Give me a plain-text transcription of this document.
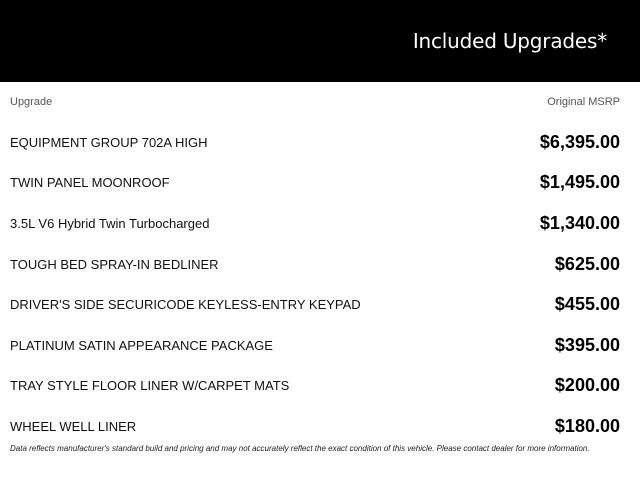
Included Upgrades*
Upgrade	Original MSRP
EQUIPMENT GROUP 702A HIGH	$6,395.00
TWIN PANEL MOONROOF	$1,495.00
3.5L V6 Hybrid Twin Turbocharged	$1,340.00
TOUGH BED SPRAY-IN BEDLINER	$625.00
DRIVER'S SIDE SECURICODE KEYLESS-ENTRY KEYPAD	$455.00
PLATINUM SATIN APPEARANCE PACKAGE	$395.00
TRAY STYLE FLOOR LINER W/CARPET MATS	$200.00
WHEEL WELL LINER	$180.00
Data reflects manufacturer's standard build and pricing and may not accurately reflect the exact condition of this vehicle. Please contact dealer for more information.
